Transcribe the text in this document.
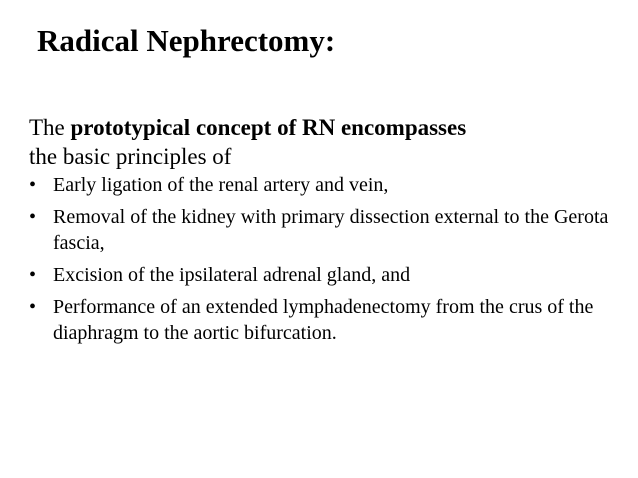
Radical Nephrectomy:

The prototypical concept of RN encompasses
the basic principles of

• Early ligation of the renal artery and vein,
• Removal of the kidney with primary dissection external to the Gerota fascia,
• Excision of the ipsilateral adrenal gland, and
• Performance of an extended lymphadenectomy from the crus of the diaphragm to the aortic bifurcation.
